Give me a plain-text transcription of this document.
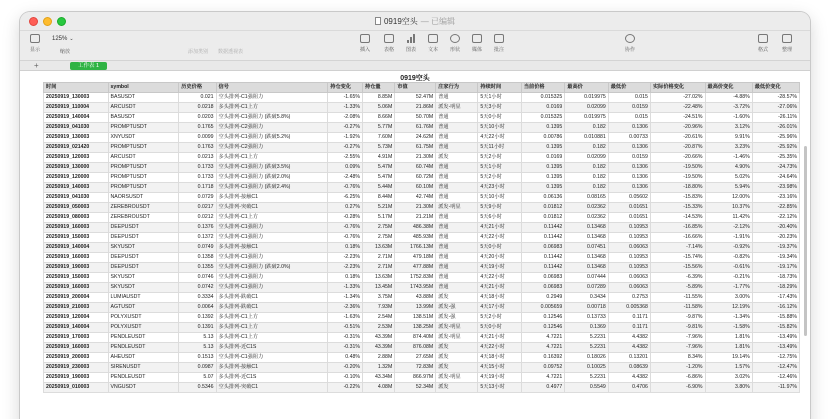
0919空头 — 已编辑
显示
125% ⌄
缩放	添加类别 数据透视表	插入	表格 图表 文本 形状 媒体 批注	协作	格式	整理
+	工作表 1
0919空头
时间	symbol	历史价格	信号	持仓变化	持仓量	市值	庄家行为	持续时间	当前价格	最高价	最低价	实际价格变化	最高价变化	最低价变化
20250919_130003	BASUSDT	0.021	空头排列-C1强阻力	-1.65%	8.85M	52.47M	普通	5天1小时	0.015325	0.019975	0.015	-27.02%	-4.88%	-28.57%
20250919_110004	ARCUSDT	0.0218	多头排列-C1上方	-1.33%	5.06M	21.86M	派发-明显	5天3小时	0.0169	0.02099	0.0159	-22.48%	-3.72%	-27.06%
20250919_140004	BASUSDT	0.0203	空头排列-C1强阻力 (跌破5.8%)	-2.08%	8.66M	50.70M	普通	5天0小时	0.015325	0.019975	0.015	-24.51%	-1.60%	-26.11%
20250919_041030	PROMPTUSDT	0.1765	空头排列-C2强阻力	-0.27%	5.77M	61.76M	普通	5天10小时	0.1395	0.182	0.1306	-20.96%	3.12%	-26.01%
20250919_130003	XNYUSDT	0.0099	空头排列-C1强阻力 (跌破5.2%)	-1.92%	7.60M	24.62M	普通	4天22小时	0.00786	0.010881	0.00733	-20.61%	9.91%	-25.96%
20250919_021420	PROMPTUSDT	0.1763	空头排列-C2强阻力	-0.27%	5.73M	61.75M	普通	5天11小时	0.1395	0.182	0.1306	-20.87%	3.23%	-25.92%
20250919_120003	ARCUSDT	0.0213	多头排列-C1上方	-2.55%	4.91M	21.30M	派发	5天2小时	0.0169	0.02099	0.0159	-20.66%	-1.46%	-25.35%
20250919_130000	PROMPTUSDT	0.1733	空头排列-C1强阻力 (跌破3.5%)	0.09%	5.47M	60.74M	普通	5天1小时	0.1395	0.182	0.1306	-19.50%	4.90%	-24.73%
20250919_120000	PROMPTUSDT	0.1733	空头排列-C1强阻力 (跌破2.0%)	-2.48%	5.47M	60.72M	普通	5天2小时	0.1395	0.182	0.1306	-19.50%	5.02%	-24.64%
20250919_140003	PROMPTUSDT	0.1718	空头排列-C1强阻力 (跌破2.4%)	-0.76%	5.44M	60.10M	普通	4天23小时	0.1395	0.182	0.1306	-18.80%	5.94%	-23.98%
20250919_041030	NAORSUSDT	0.0729	多头排列-接触C1	-6.25%	8.44M	42.74M	普通	5天10小时	0.06136	0.08165	0.05602	-15.83%	12.00%	-23.16%
20250919_050003	ZEREBROUSDT	0.0217	空头排列-突破C1	0.27%	5.21M	21.30M	派发-明显	5天9小时	0.01812	0.02362	0.01651	-15.33%	10.37%	-22.85%
20250919_080003	ZEREBROUSDT	0.0212	空头排列-C1上方	-0.28%	5.17M	21.21M	普通	5天6小时	0.01812	0.02362	0.01651	-14.53%	11.42%	-22.12%
20250919_160003	DEEPUSDT	0.1376	空头排列-C1强阻力	-0.76%	2.75M	486.38M	普通	4天21小时	0.11442	0.13468	0.10953	-16.85%	-2.12%	-20.40%
20250919_150003	DEEPUSDT	0.1372	空头排列-C1强阻力	-0.76%	2.75M	485.93M	普通	4天22小时	0.11442	0.13468	0.10953	-16.66%	-1.91%	-20.23%
20250919_140004	SKYUSDT	0.0749	多头排列-接触C1	0.18%	13.63M	1766.13M	普通	5天0小时	0.06983	0.07451	0.06063	-7.14%	-0.92%	-19.37%
20250919_160003	DEEPUSDT	0.1358	空头排列-C1强阻力	-2.23%	2.71M	479.18M	普通	4天20小时	0.11442	0.13468	0.10953	-15.74%	-0.82%	-19.34%
20250919_190003	DEEPUSDT	0.1355	空头排列-C1强阻力 (跌破2.0%)	-2.23%	2.71M	477.88M	普通	4天19小时	0.11442	0.13468	0.10953	-15.56%	-0.61%	-19.17%
20250919_150003	SKYUSDT	0.0746	空头排列-C1强阻力	0.18%	13.63M	1752.83M	普通	4天22小时	0.06983	0.07444	0.06063	-6.39%	-0.21%	-18.73%
20250919_160003	SKYUSDT	0.0742	空头排列-C1强阻力	-1.33%	13.45M	1743.95M	普通	4天21小时	0.06983	0.07289	0.06063	-5.89%	-1.77%	-18.29%
20250919_200004	LUMIAUSDT	0.3334	多头排列-跌破C1	-1.34%	3.75M	43.88M	派发	4天18小时	0.2949	0.3434	0.2753	-11.55%	3.00%	-17.43%
20250919_210003	AGTUSDT	0.0064	多头排列-跌破C1	-2.36%	7.93M	13.99M	派发-强	4天17小时	0.005659	0.00718	0.005368	-11.58%	12.19%	-16.12%
20250919_120004	POLYXUSDT	0.1392	多头排列-C1上方	-1.63%	2.54M	138.51M	派发-强	5天2小时	0.12546	0.13733	0.1171	-9.87%	-1.34%	-15.88%
20250919_140004	POLYXUSDT	0.1391	多头排列-C1上方	-0.51%	2.53M	138.25M	派发-明显	5天0小时	0.12546	0.1369	0.1171	-9.81%	-1.58%	-15.82%
20250919_170003	PENDLEUSDT	5.13	多头排列-C1上方	-0.31%	43.39M	874.40M	派发-明显	4天21小时	4.7221	5.2231	4.4382	-7.96%	1.81%	-13.49%
20250919_160003	PENDLEUSDT	5.13	多头排列-近C1S	-0.31%	43.39M	876.08M	派发	4天22小时	4.7221	5.2231	4.4382	-7.96%	1.81%	-13.49%
20250919_200003	AHEUSDT	0.1513	空头排列-C1强阻力	0.48%	2.88M	27.65M	派发	4天18小时	0.16392	0.18026	0.13201	8.34%	19.14%	-12.75%
20250919_230003	SIRENUSDT	0.0987	多头排列-接触C1	-0.20%	1.32M	72.83M	派发	4天15小时	0.09752	0.10025	0.08639	-1.20%	1.57%	-12.47%
20250919_190003	PENDLEUSDT	5.07	多头排列-近C1S	-0.10%	43.34M	866.97M	派发-明显	4天19小时	4.7221	5.2231	4.4382	-6.86%	3.02%	-12.46%
20250919_010003	VNGUSDT	0.5346	空头排列-突破C1	-0.22%	4.08M	52.34M	派发	5天13小时	0.4977	0.5549	0.4706	-6.90%	3.80%	-11.97%
